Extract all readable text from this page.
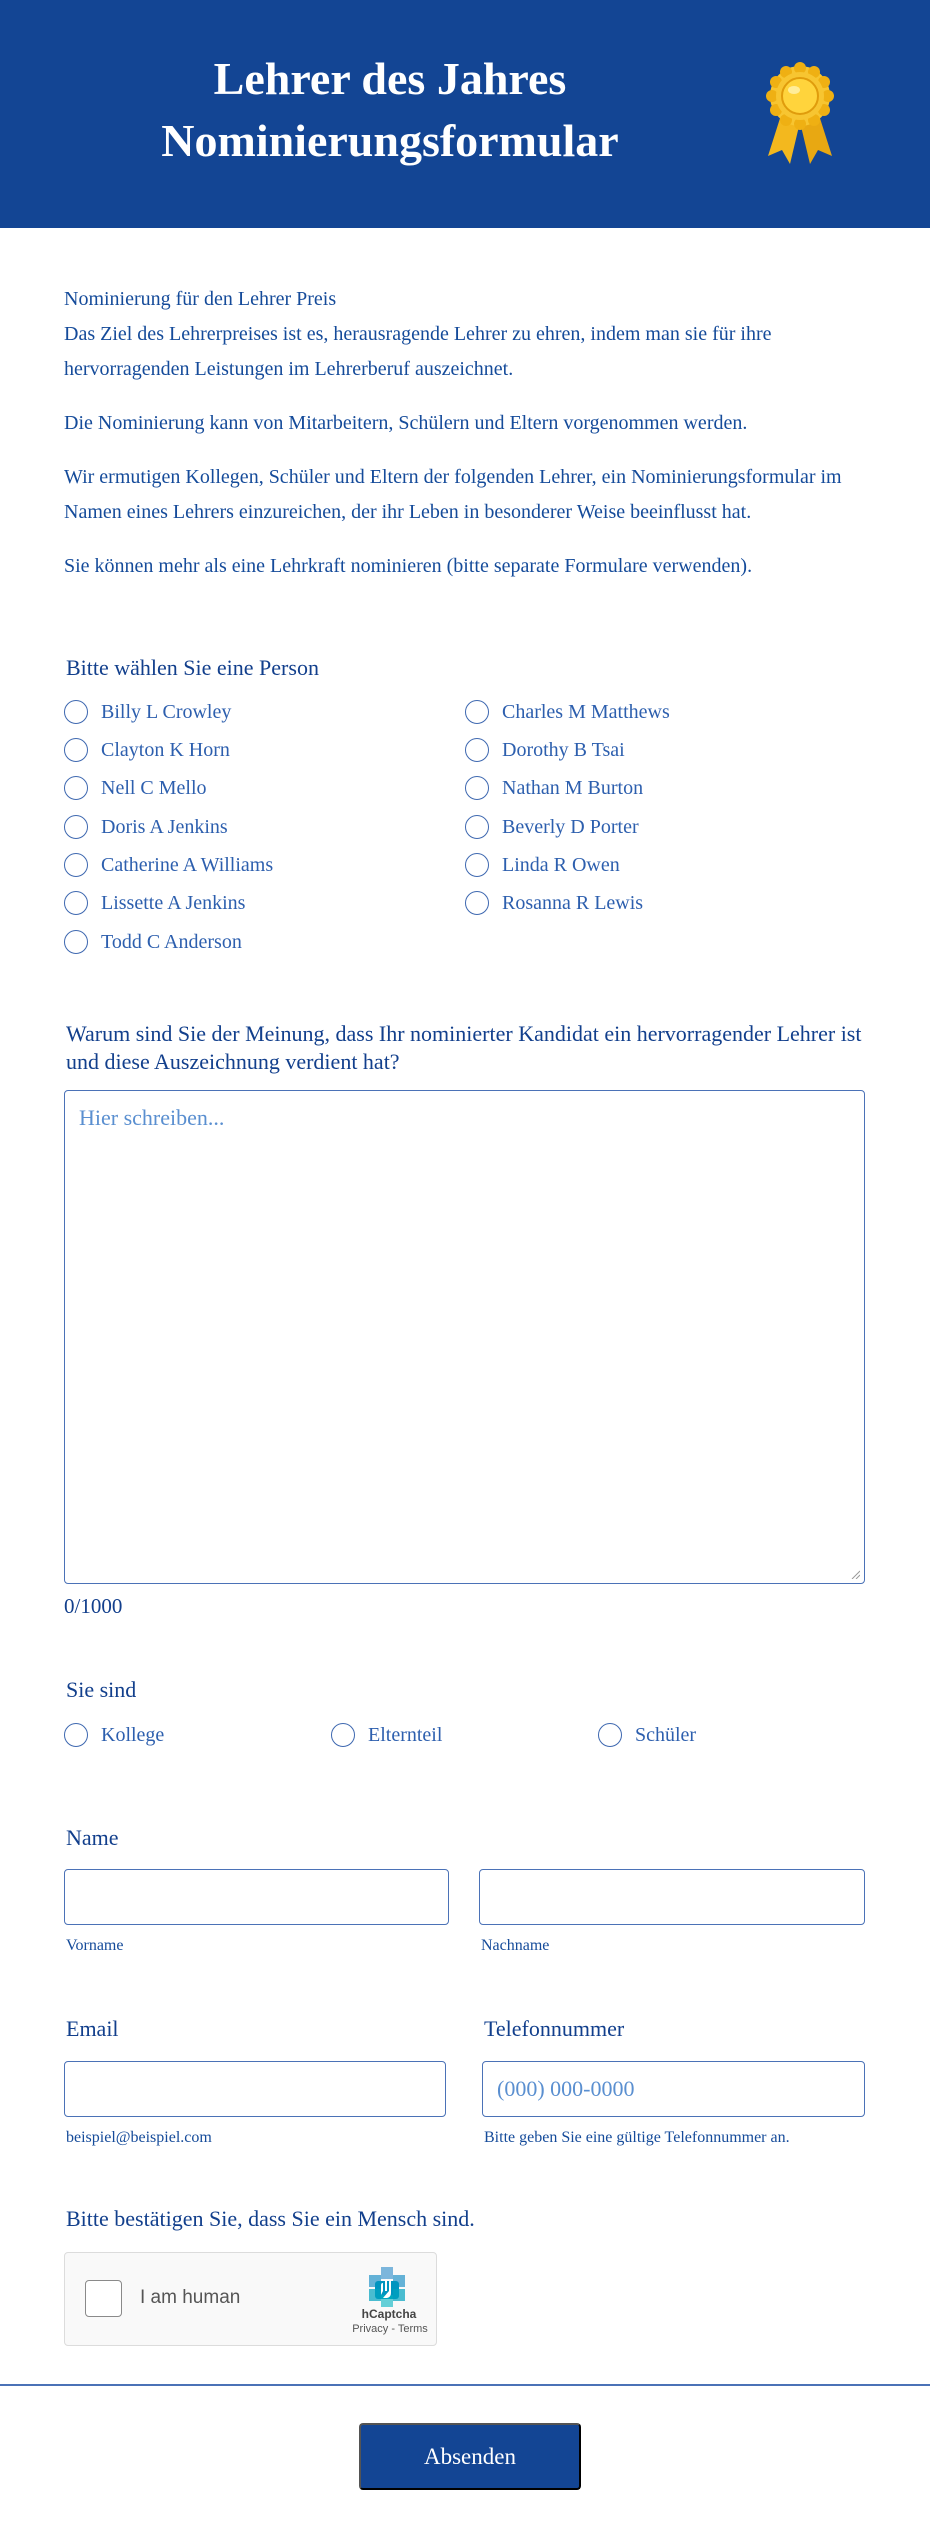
Lehrer des Jahres
Nominierungsformular

Nominierung für den Lehrer Preis
Das Ziel des Lehrerpreises ist es, herausragende Lehrer zu ehren, indem man sie für ihre hervorragenden Leistungen im Lehrerberuf auszeichnet.

Die Nominierung kann von Mitarbeitern, Schülern und Eltern vorgenommen werden.

Wir ermutigen Kollegen, Schüler und Eltern der folgenden Lehrer, ein Nominierungsformular im Namen eines Lehrers einzureichen, der ihr Leben in besonderer Weise beeinflusst hat.

Sie können mehr als eine Lehrkraft nominieren (bitte separate Formulare verwenden).

Bitte wählen Sie eine Person
Billy L Crowley	Charles M Matthews
Clayton K Horn	Dorothy B Tsai
Nell C Mello	Nathan M Burton
Doris A Jenkins	Beverly D Porter
Catherine A Williams	Linda R Owen
Lissette A Jenkins	Rosanna R Lewis
Todd C Anderson
Warum sind Sie der Meinung, dass Ihr nominierter Kandidat ein hervorragender Lehrer ist und diese Auszeichnung verdient hat?
Hier schreiben...
0/1000
Sie sind
Kollege	Elternteil	Schüler
Name
Vorname	Nachname
Email	Telefonnummer
(000) 000-0000
beispiel@beispiel.com	Bitte geben Sie eine gültige Telefonnummer an.
Bitte bestätigen Sie, dass Sie ein Mensch sind.
I am human
hCaptcha
Privacy - Terms
Absenden
